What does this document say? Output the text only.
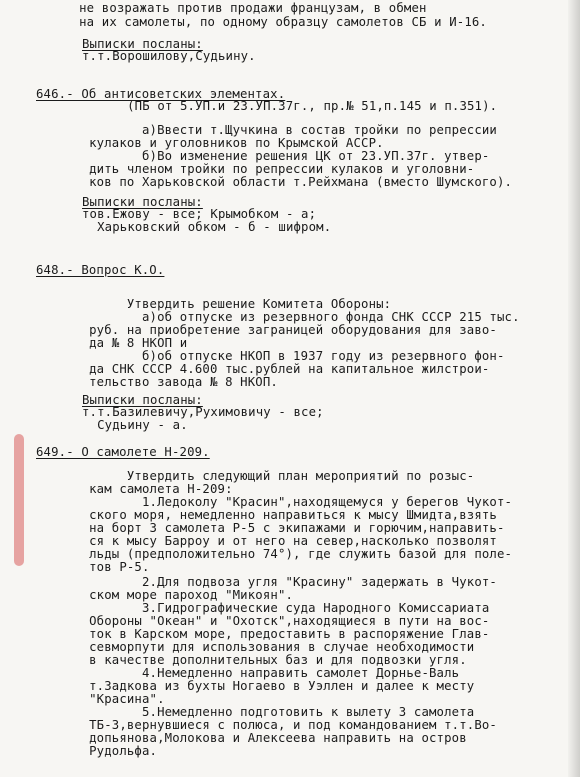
не возражать против продажи французам, в обмен
на их самолеты, по одному образцу самолетов СБ и И-16.
Выписки посланы:
т.т.Ворошилову,Судьину.
646.- Об антисоветских элементах.
(ПБ от 5.УП.и 23.УП.37г., пр.№ 51,п.145 и п.351).
а)Ввести т.Щучкина в состав тройки по репрессии
кулаков и уголовников по Крымской АССР.
б)Во изменение решения ЦК от 23.УП.37г. утвер-
дить членом тройки по репрессии кулаков и уголовни-
ков по Харьковской области т.Рейхмана (вместо Шумского).
Выписки посланы:
тов.Ежову - все; Крымобком - а;
Харьковский обком - б - шифром.
648.- Вопрос К.О.
Утвердить решение Комитета Обороны:
а)об отпуске из резервного фонда СНК СССР 215 тыс.
руб. на приобретение заграницей оборудования для заво-
да № 8 НКОП и
б)об отпуске НКОП в 1937 году из резервного фон-
да СНК СССР 4.600 тыс.рублей на капитальное жилстрои-
тельство завода № 8 НКОП.
Выписки посланы:
т.т.Базилевичу,Рухимовичу - все;
Судьину - а.
649.- О самолете Н-209.
Утвердить следующий план мероприятий по розыс-
кам самолета Н-209:
1.Ледоколу "Красин",находящемуся у берегов Чукот-
ского моря, немедленно направиться к мысу Шмидта,взять
на борт 3 самолета Р-5 с экипажами и горючим,направить-
ся к мысу Барроу и от него на север,насколько позволят
льды (предположительно 74°), где служить базой для поле-
тов Р-5.
2.Для подвоза угля "Красину" задержать в Чукот-
ском море пароход "Микоян".
3.Гидрографические суда Народного Комиссариата
Обороны "Океан" и "Охотск",находящиеся в пути на вос-
ток в Карском море, предоставить в распоряжение Глав-
севморпути для использования в случае необходимости
в качестве дополнительных баз и для подвозки угля.
4.Немедленно направить самолет Дорнье-Валь
т.Задкова из бухты Ногаево в Уэллен и далее к месту
"Красина".
5.Немедленно подготовить к вылету 3 самолета
ТБ-3,вернувшиеся с полюса, и под командованием т.т.Во-
допьянова,Молокова и Алексеева направить на остров
Рудольфа.
